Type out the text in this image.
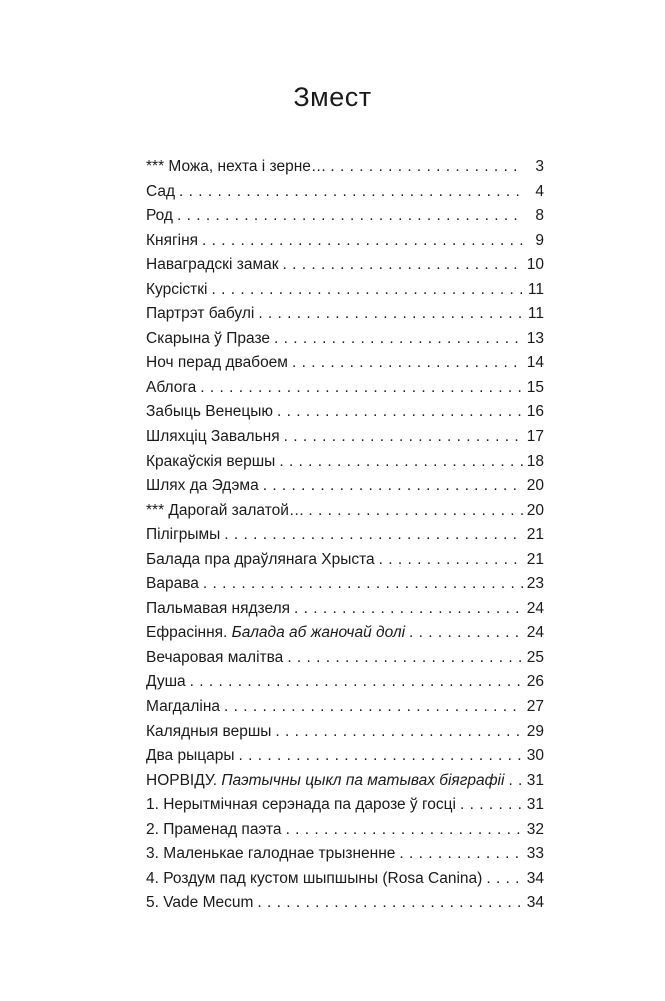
Змест
*** Можа, нехта і зерне… . . .	3
Сад . . .	4
Род . . .	8
Княгіня . . .	9
Наваградскі замак . . .	10
Курсісткі . . .	11
Партрэт бабулі . . .	11
Скарына ў Празе . . .	13
Ноч перад двабоем . . .	14
Аблога . . .	15
Забыць Венецыю . . .	16
Шляхціц Завальня . . .	17
Кракаўскія вершы . . .	18
Шлях да Эдэма . . .	20
*** Дарогай залатой… . . .	20
Пілігрымы . . .	21
Балада пра драўлянага Хрыста . . .	21
Варава . . .	23
Пальмавая нядзеля . . .	24
Ефрасіння. Балада аб жаночай долі . . .	24
Вечаровая малітва . . .	25
Душа . . .	26
Магдаліна . . .	27
Калядныя вершы . . .	29
Два рыцары . . .	30
НОРВІДУ. Паэтычны цыкл па матывах біяграфіі . . . 31
1. Нерытмічная серэнада па дарозе ў госці . . .	31
2. Праменад паэта . . .	32
3. Маленькае галоднае трызненне . . .	33
4. Роздум пад кустом шыпшыны (Rosa Canina) . . .	34
5. Vade Mecum . . .	34
